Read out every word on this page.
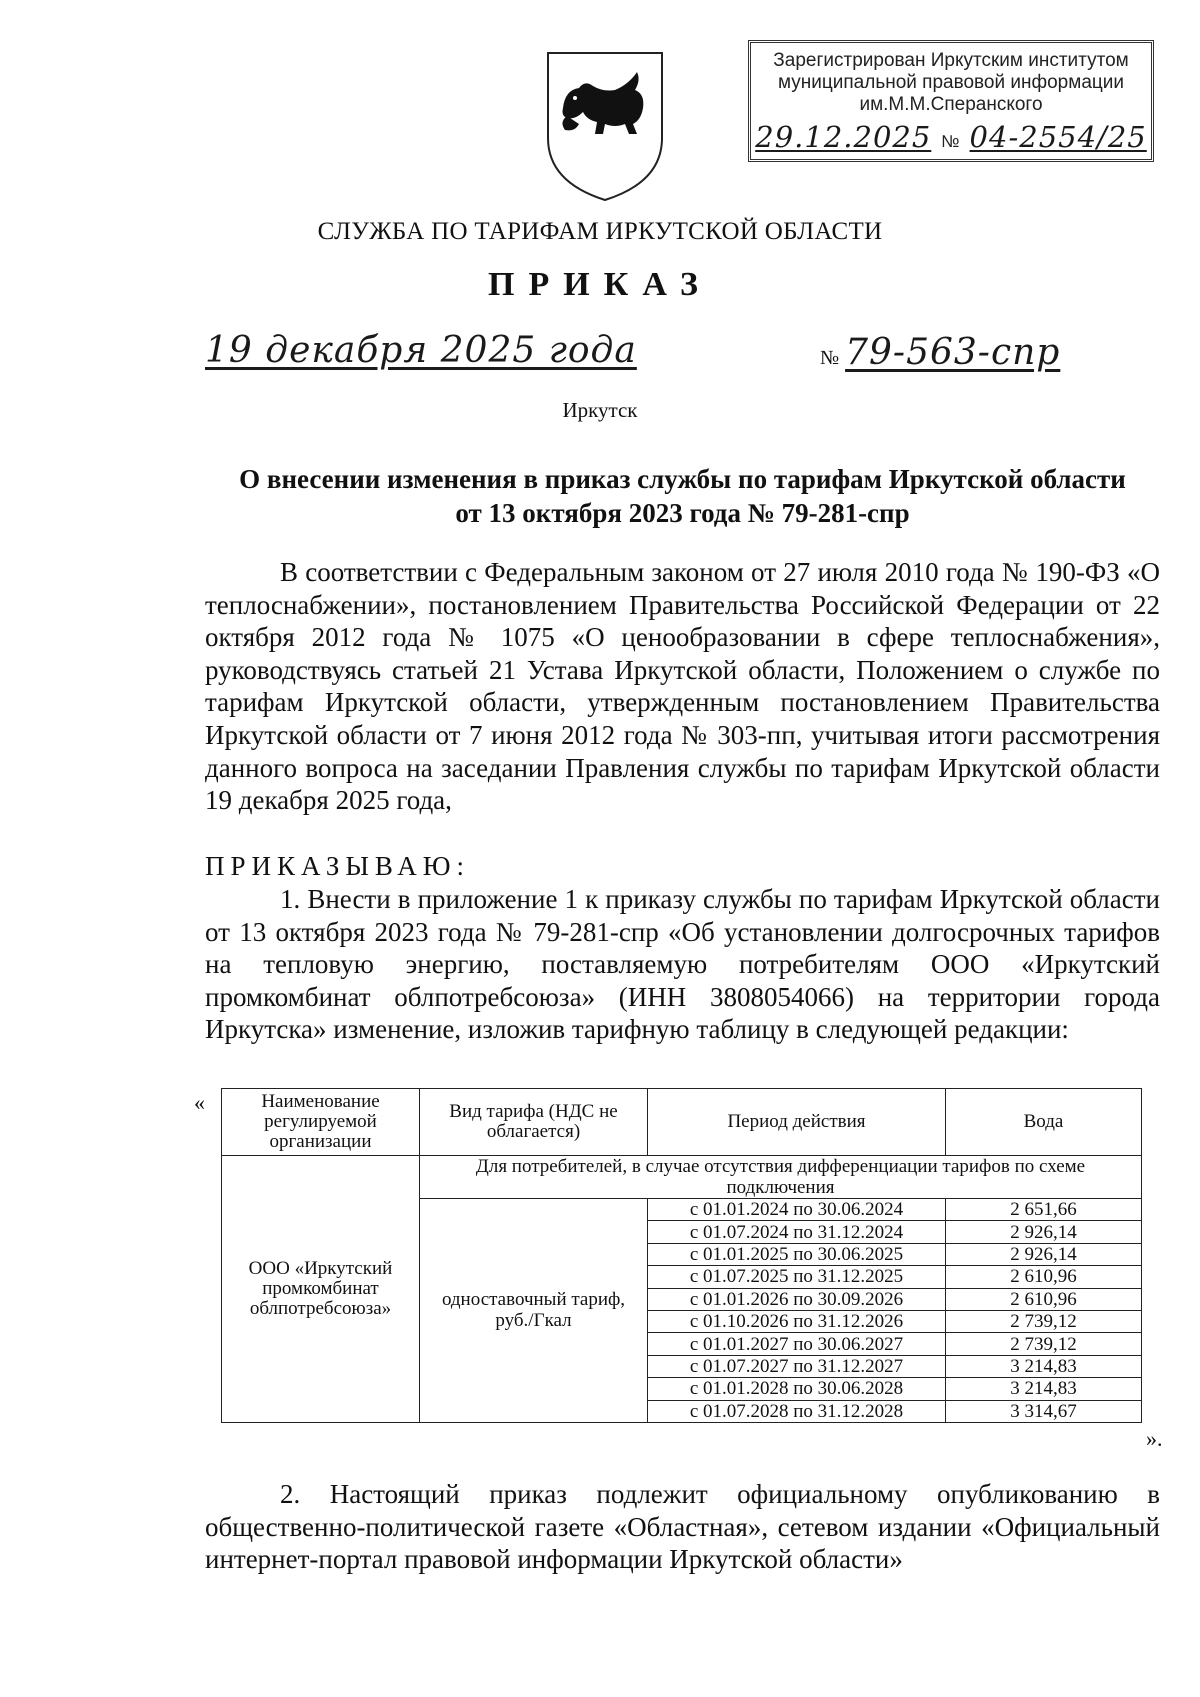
Зарегистрирован Иркутским институтом
муниципальной правовой информации
им.М.М.Сперанского
29.12.2025 № 04-2554/25
СЛУЖБА ПО ТАРИФАМ ИРКУТСКОЙ ОБЛАСТИ
ПРИКАЗ
19 декабря 2025 года	№ 79-563-спр
Иркутск
О внесении изменения в приказ службы по тарифам Иркутской области
от 13 октября 2023 года № 79-281-спр
В соответствии с Федеральным законом от 27 июля 2010 года № 190-ФЗ «О теплоснабжении», постановлением Правительства Российской Федерации от 22 октября 2012 года № 1075 «О ценообразовании в сфере теплоснабжения», руководствуясь статьей 21 Устава Иркутской области, Положением о службе по тарифам Иркутской области, утвержденным постановлением Правительства Иркутской области от 7 июня 2012 года № 303-пп, учитывая итоги рассмотрения данного вопроса на заседании Правления службы по тарифам Иркутской области 19 декабря 2025 года,
ПРИКАЗЫВАЮ:
1. Внести в приложение 1 к приказу службы по тарифам Иркутской области от 13 октября 2023 года № 79-281-спр «Об установлении долгосрочных тарифов на тепловую энергию, поставляемую потребителям ООО «Иркутский промкомбинат облпотребсоюза» (ИНН 3808054066) на территории города Иркутска» изменение, изложив тарифную таблицу в следующей редакции:
«	Наименование регулируемой организации	Вид тарифа (НДС не облагается)	Период действия	Вода
ООО «Иркутский промкомбинат облпотребсоюза»	Для потребителей, в случае отсутствия дифференциации тарифов по схеме подключения		
	одноставочный тариф, руб./Гкал	с 01.01.2024 по 30.06.2024	2 651,66
		с 01.07.2024 по 31.12.2024	2 926,14
		с 01.01.2025 по 30.06.2025	2 926,14
		с 01.07.2025 по 31.12.2025	2 610,96
		с 01.01.2026 по 30.09.2026	2 610,96
		с 01.10.2026 по 31.12.2026	2 739,12
		с 01.01.2027 по 30.06.2027	2 739,12
		с 01.07.2027 по 31.12.2027	3 214,83
		с 01.01.2028 по 30.06.2028	3 214,83
		с 01.07.2028 по 31.12.2028	3 314,67
».
2. Настоящий приказ подлежит официальному опубликованию в общественно-политической газете «Областная», сетевом издании «Официальный интернет-портал правовой информации Иркутской области»
